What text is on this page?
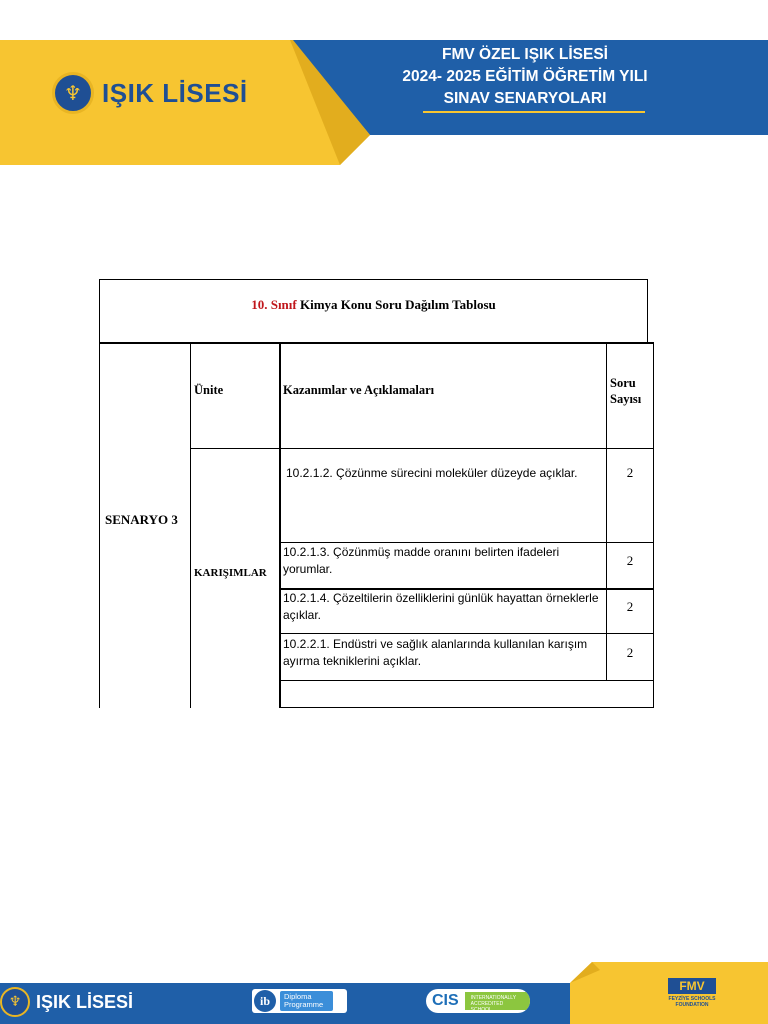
♆ IŞIK LİSESİ
FMV ÖZEL IŞIK LİSESİ
2024- 2025 EĞİTİM ÖĞRETİM YILI
SINAV SENARYOLARI
10. Sınıf Kimya Konu Soru Dağılım Tablosu
SENARYO 3
Ünite	Kazanımlar ve Açıklamaları	Soru
Sayısı
KARIŞIMLAR
10.2.1.2. Çözünme sürecini moleküler düzeyde açıklar.	2
10.2.1.3. Çözünmüş madde oranını belirten ifadeleri yorumlar.
2
10.2.1.4. Çözeltilerin özelliklerini günlük hayattan örneklerle açıklar.
2
10.2.2.1. Endüstri ve sağlık alanlarında kullanılan karışım ayırma tekniklerini açıklar.
2
♆ IŞIK LİSESİ	ib	Diploma
Programme	CIS	INTERNATIONALLY ACCREDITED SCHOOL
FMV
FEYZİYE SCHOOLS FOUNDATION
